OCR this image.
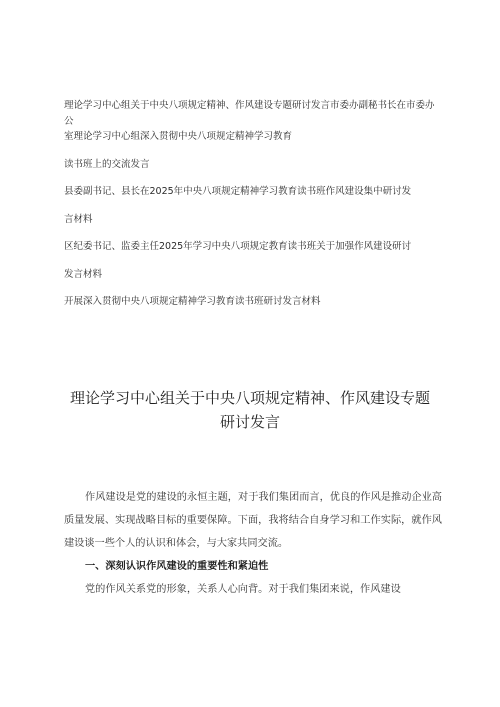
理论学习中心组关于中央八项规定精神、作风建设专题研讨发言市委办副秘书长在市委办公
室理论学习中心组深入贯彻中央八项规定精神学习教育
读书班上的交流发言
县委副书记、县长在2025年中央八项规定精神学习教育读书班作风建设集中研讨发
言材料
区纪委书记、监委主任2025年学习中央八项规定教育读书班关于加强作风建设研讨
发言材料
开展深入贯彻中央八项规定精神学习教育读书班研讨发言材料
理论学习中心组关于中央八项规定精神、作风建设专题
研讨发言

作风建设是党的建设的永恒主题，对于我们集团而言，优良的作风是推动企业高质量发展、实现战略目标的重要保障。下面，我将结合自身学习和工作实际，就作风建设谈一些个人的认识和体会，与大家共同交流。

一、深刻认识作风建设的重要性和紧迫性

党的作风关系党的形象，关系人心向背。对于我们集团来说，作风建设
